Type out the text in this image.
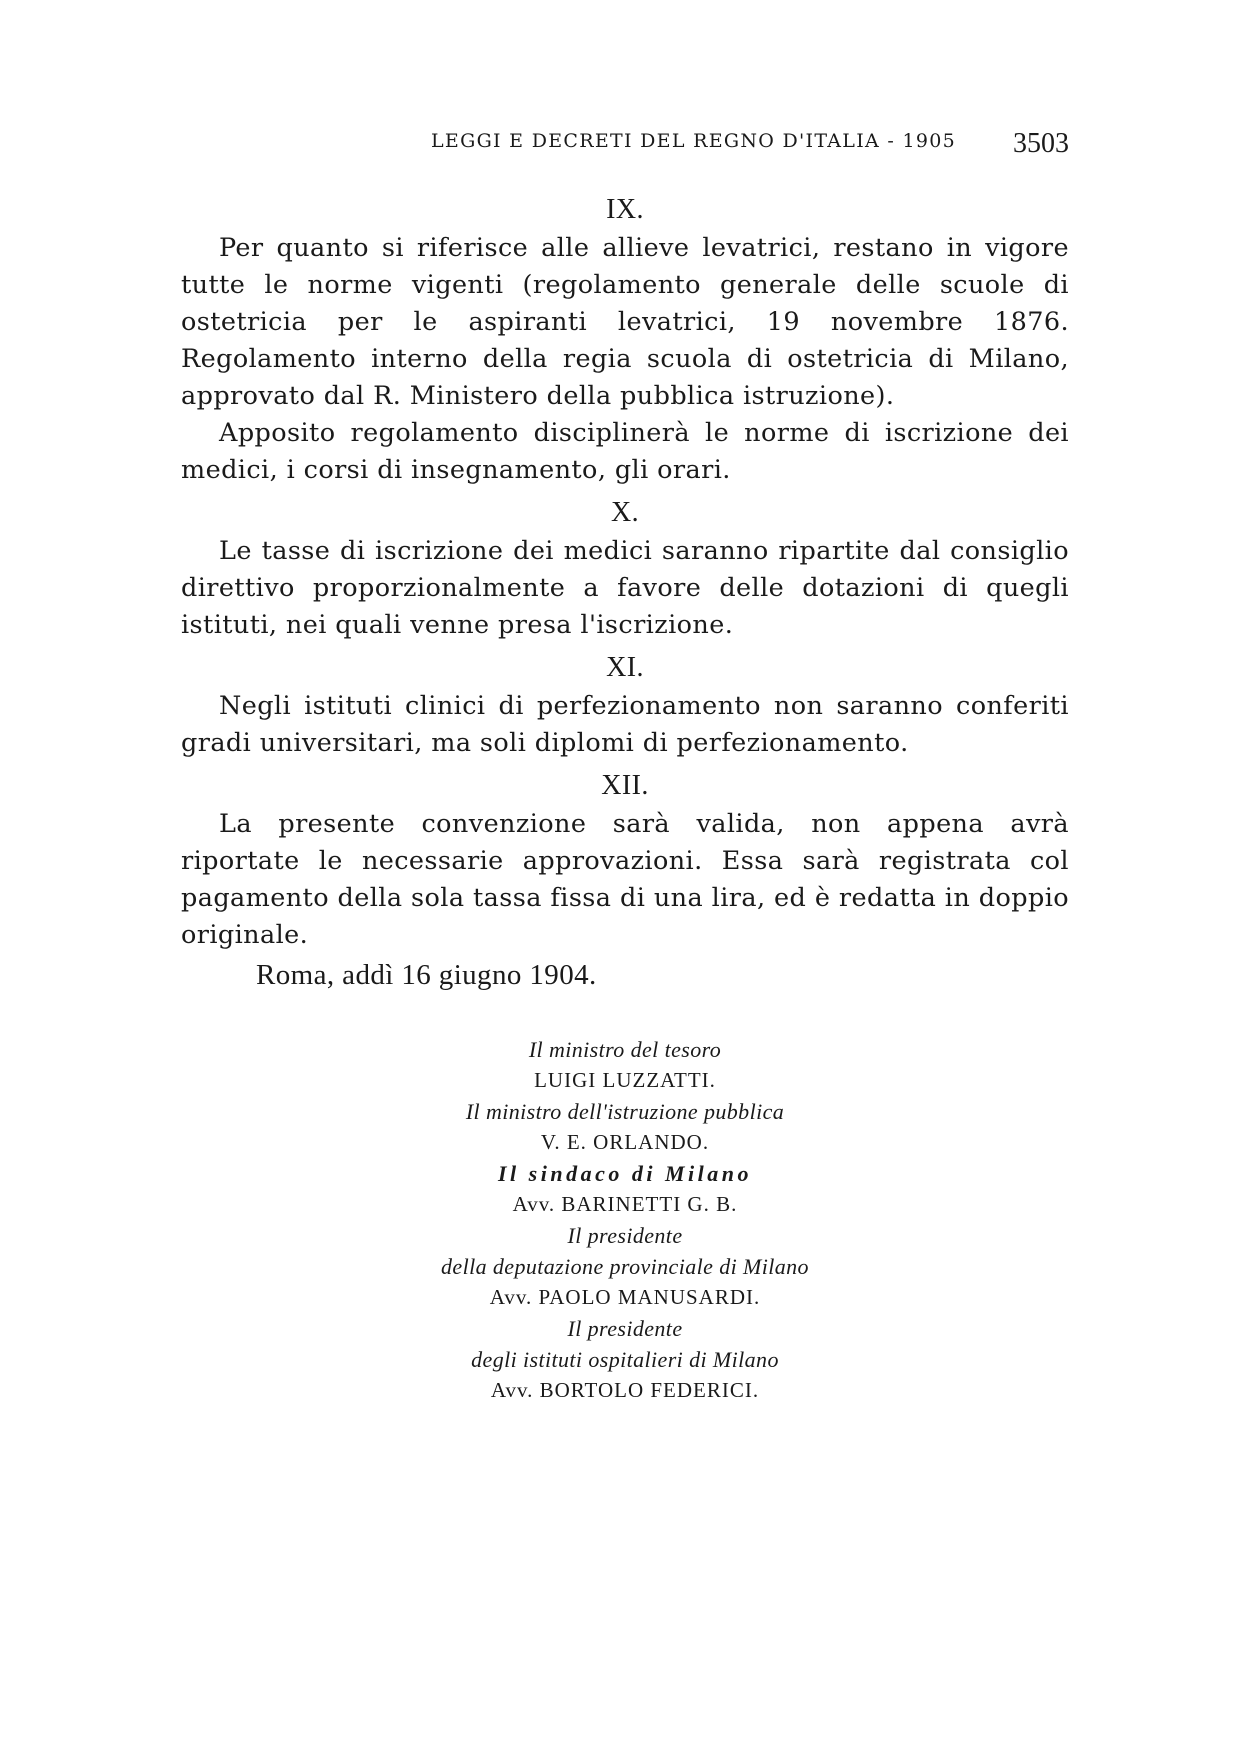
LEGGI E DECRETI DEL REGNO D'ITALIA - 1905 3503

IX.

Per quanto si riferisce alle allieve levatrici, restano in vigore tutte le norme vigenti (regolamento generale delle scuole di ostetricia per le aspiranti levatrici, 19 novembre 1876. Regolamento interno della regia scuola di ostetricia di Milano, approvato dal R. Ministero della pubblica istruzione).

Apposito regolamento disciplinerà le norme di iscrizione dei medici, i corsi di insegnamento, gli orari.

X.

Le tasse di iscrizione dei medici saranno ripartite dal consiglio direttivo proporzionalmente a favore delle dotazioni di quegli istituti, nei quali venne presa l'iscrizione.

XI.

Negli istituti clinici di perfezionamento non saranno conferiti gradi universitari, ma soli diplomi di perfezionamento.

XII.

La presente convenzione sarà valida, non appena avrà riportate le necessarie approvazioni. Essa sarà registrata col pagamento della sola tassa fissa di una lira, ed è redatta in doppio originale.

Roma, addì 16 giugno 1904.

Il ministro del tesoro

LUIGI LUZZATTI.

Il ministro dell'istruzione pubblica

V. E. ORLANDO.

Il sindaco di Milano

Avv. BARINETTI G. B.

Il presidente

della deputazione provinciale di Milano

Avv. PAOLO MANUSARDI.

Il presidente

degli istituti ospitalieri di Milano

Avv. BORTOLO FEDERICI.
